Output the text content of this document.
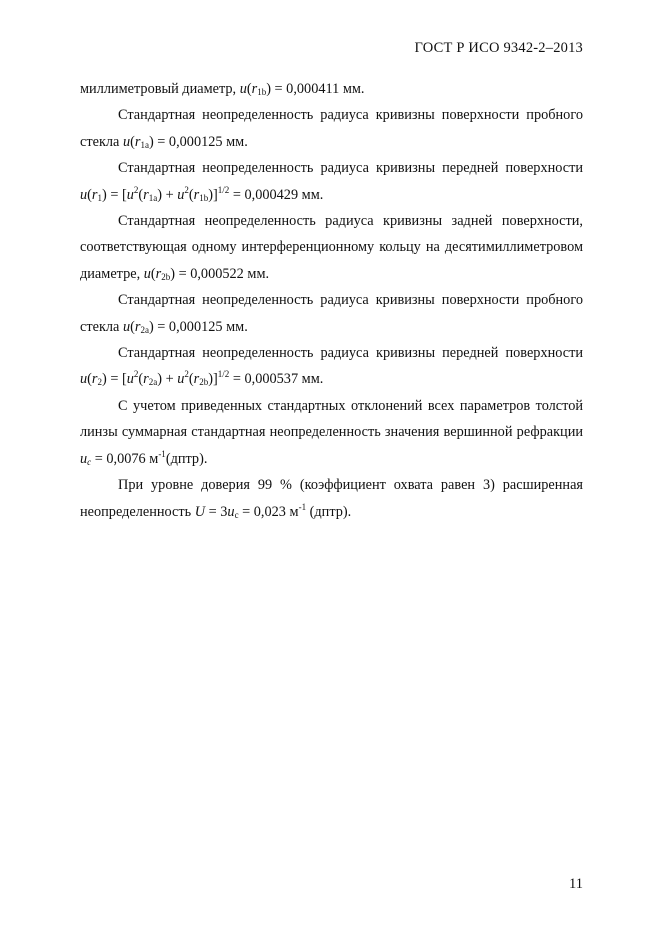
ГОСТ Р ИСО 9342-2–2013

миллиметровый диаметр, $u(r_{1b}) = 0,000411$ мм.

Стандартная неопределенность радиуса кривизны поверхности пробного стекла $u(r_{1a}) = 0,000125$ мм.

Стандартная неопределенность радиуса кривизны передней поверхности $u(r_1) = [u^2(r_{1a}) + u^2(r_{1b})]^{1/2} = 0,000429$ мм.

Стандартная неопределенность радиуса кривизны задней поверхности, соответствующая одному интерференционному кольцу на десятимиллиметровом диаметре, $u(r_{2b}) = 0,000522$ мм.

Стандартная неопределенность радиуса кривизны поверхности пробного стекла $u(r_{2a}) = 0,000125$ мм.

Стандартная неопределенность радиуса кривизны передней поверхности $u(r_2) = [u^2(r_{2a}) + u^2(r_{2b})]^{1/2} = 0,000537$ мм.

С учетом приведенных стандартных отклонений всех параметров толстой линзы суммарная стандартная неопределенность значения вершинной рефракции $u_c = 0,0076$ $м^{-1}(дптр)$.

При уровне доверия 99 % (коэффициент охвата равен 3) расширенная неопределенность $U = 3u_c = 0,023$ $м^{-1}$ (дптр).

11
